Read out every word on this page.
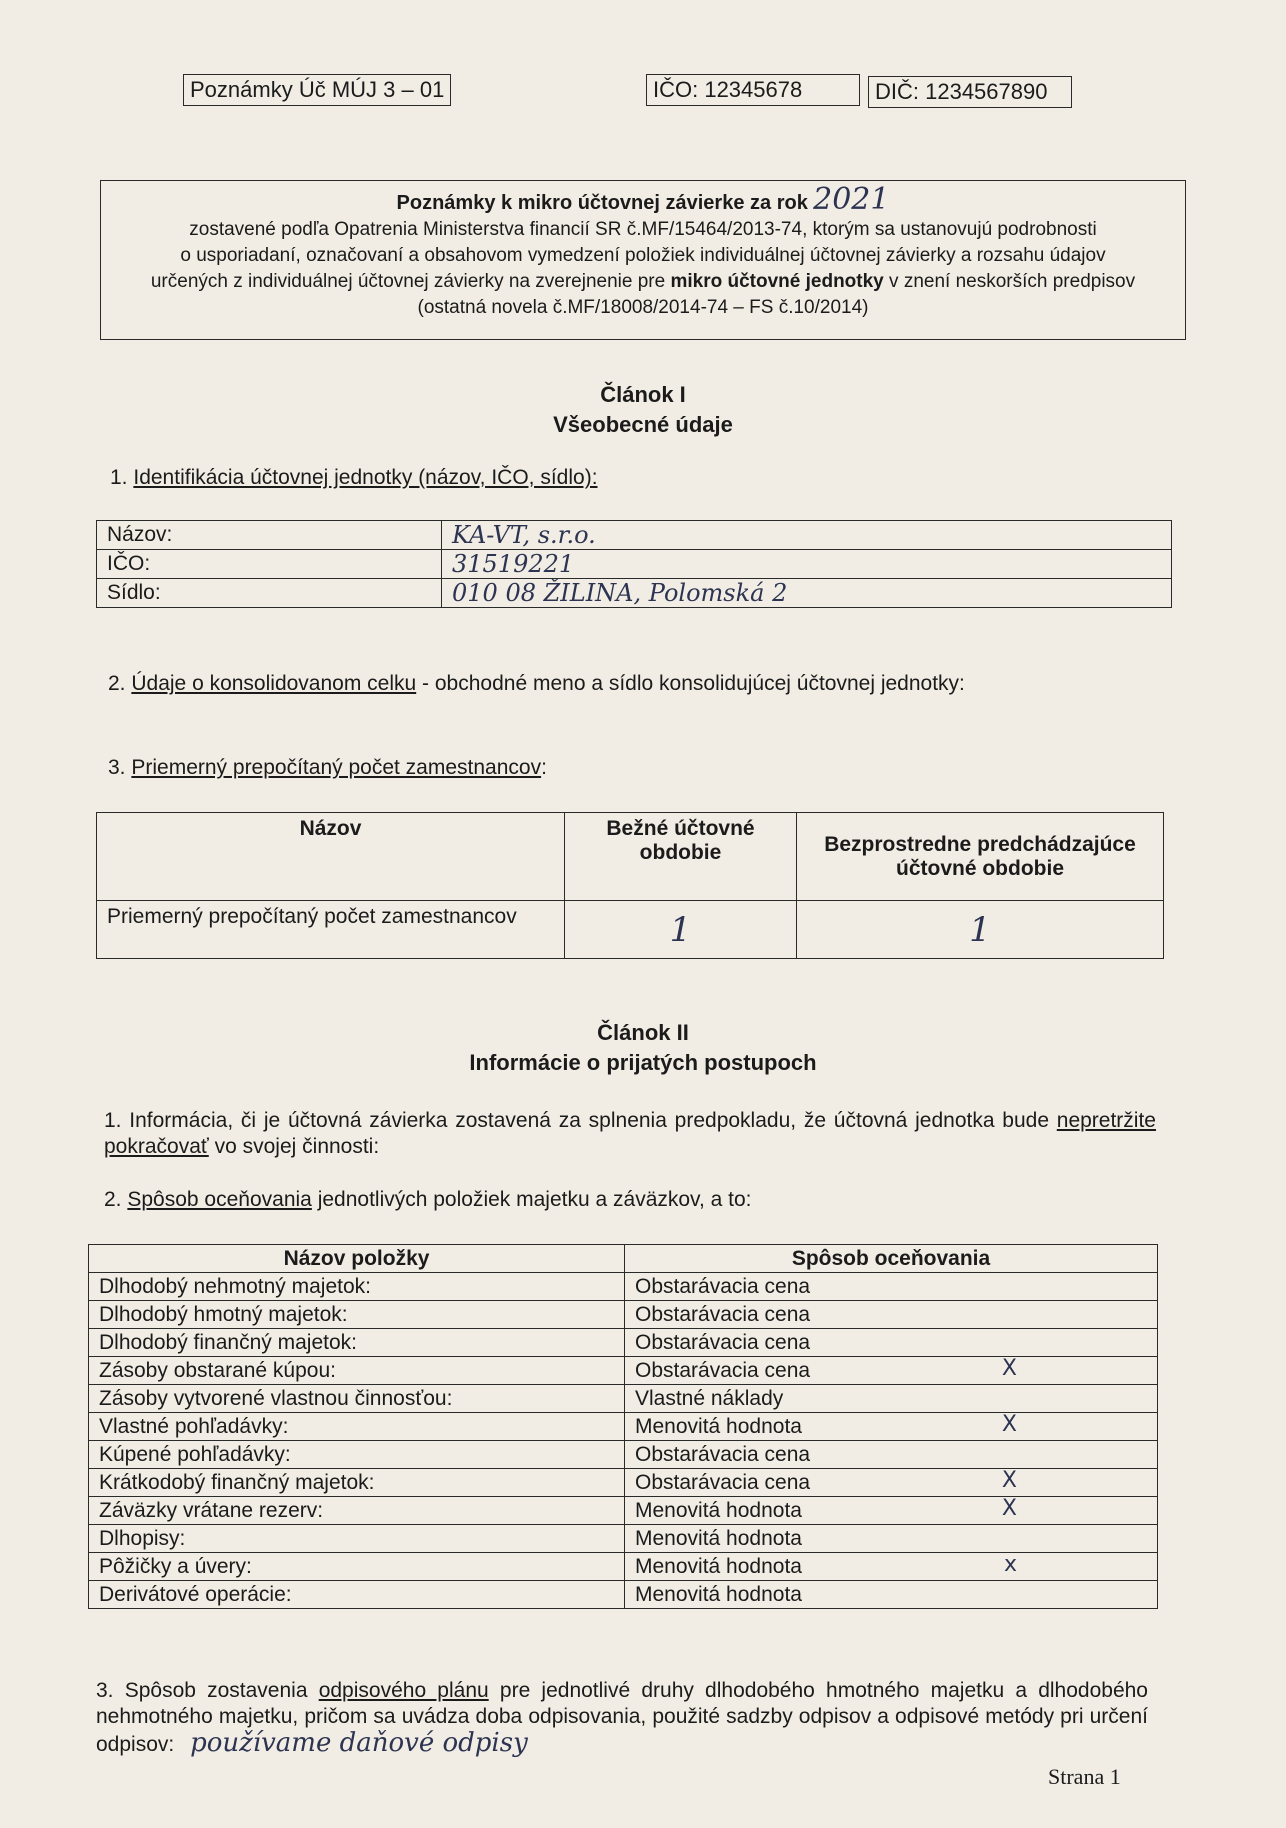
Poznámky Úč MÚJ 3 – 01	IČO: 12345678	DIČ: 1234567890
Poznámky k mikro účtovnej závierke za rok 2021
zostavené podľa Opatrenia Ministerstva financií SR č.MF/15464/2013-74, ktorým sa ustanovujú podrobnosti
o usporiadaní, označovaní a obsahovom vymedzení položiek individuálnej účtovnej závierky a rozsahu údajov
určených z individuálnej účtovnej závierky na zverejnenie pre mikro účtovné jednotky v znení neskorších predpisov
(ostatná novela č.MF/18008/2014-74 – FS č.10/2014)
Článok I
Všeobecné údaje
1. Identifikácia účtovnej jednotky (názov, IČO, sídlo):
Názov:	KA-VT, s.r.o.
IČO:	31519221
Sídlo:	010 08 ŽILINA, Polomská 2
2. Údaje o konsolidovanom celku - obchodné meno a sídlo konsolidujúcej účtovnej jednotky:
3. Priemerný prepočítaný počet zamestnancov:
Názov	Bežné účtovné obdobie	Bezprostredne predchádzajúce účtovné obdobie
Priemerný prepočítaný počet zamestnancov	1	1
Článok II
Informácie o prijatých postupoch
1. Informácia, či je účtovná závierka zostavená za splnenia predpokladu, že účtovná jednotka bude nepretržite pokračovať vo svojej činnosti:
2. Spôsob oceňovania jednotlivých položiek majetku a záväzkov, a to:
Názov položky	Spôsob oceňovania
Dlhodobý nehmotný majetok:	Obstarávacia cena
Dlhodobý hmotný majetok:	Obstarávacia cena
Dlhodobý finančný majetok:	Obstarávacia cena
Zásoby obstarané kúpou:	Obstarávacia cena X

Zásoby vytvorené vlastnou činnosťou:	Vlastné náklady
Vlastné pohľadávky:	Menovitá hodnota X

Kúpené pohľadávky:	Obstarávacia cena
Krátkodobý finančný majetok:	Obstarávacia cena X

Záväzky vrátane rezerv:	Menovitá hodnota X

Dlhopisy:	Menovitá hodnota
Pôžičky a úvery:	Menovitá hodnota x

Derivátové operácie:	Menovitá hodnota
3. Spôsob zostavenia odpisového plánu pre jednotlivé druhy dlhodobého hmotného majetku a dlhodobého nehmotného majetku, pričom sa uvádza doba odpisovania, použité sadzby odpisov a odpisové metódy pri určení odpisov: používame daňové odpisy
Strana 1
